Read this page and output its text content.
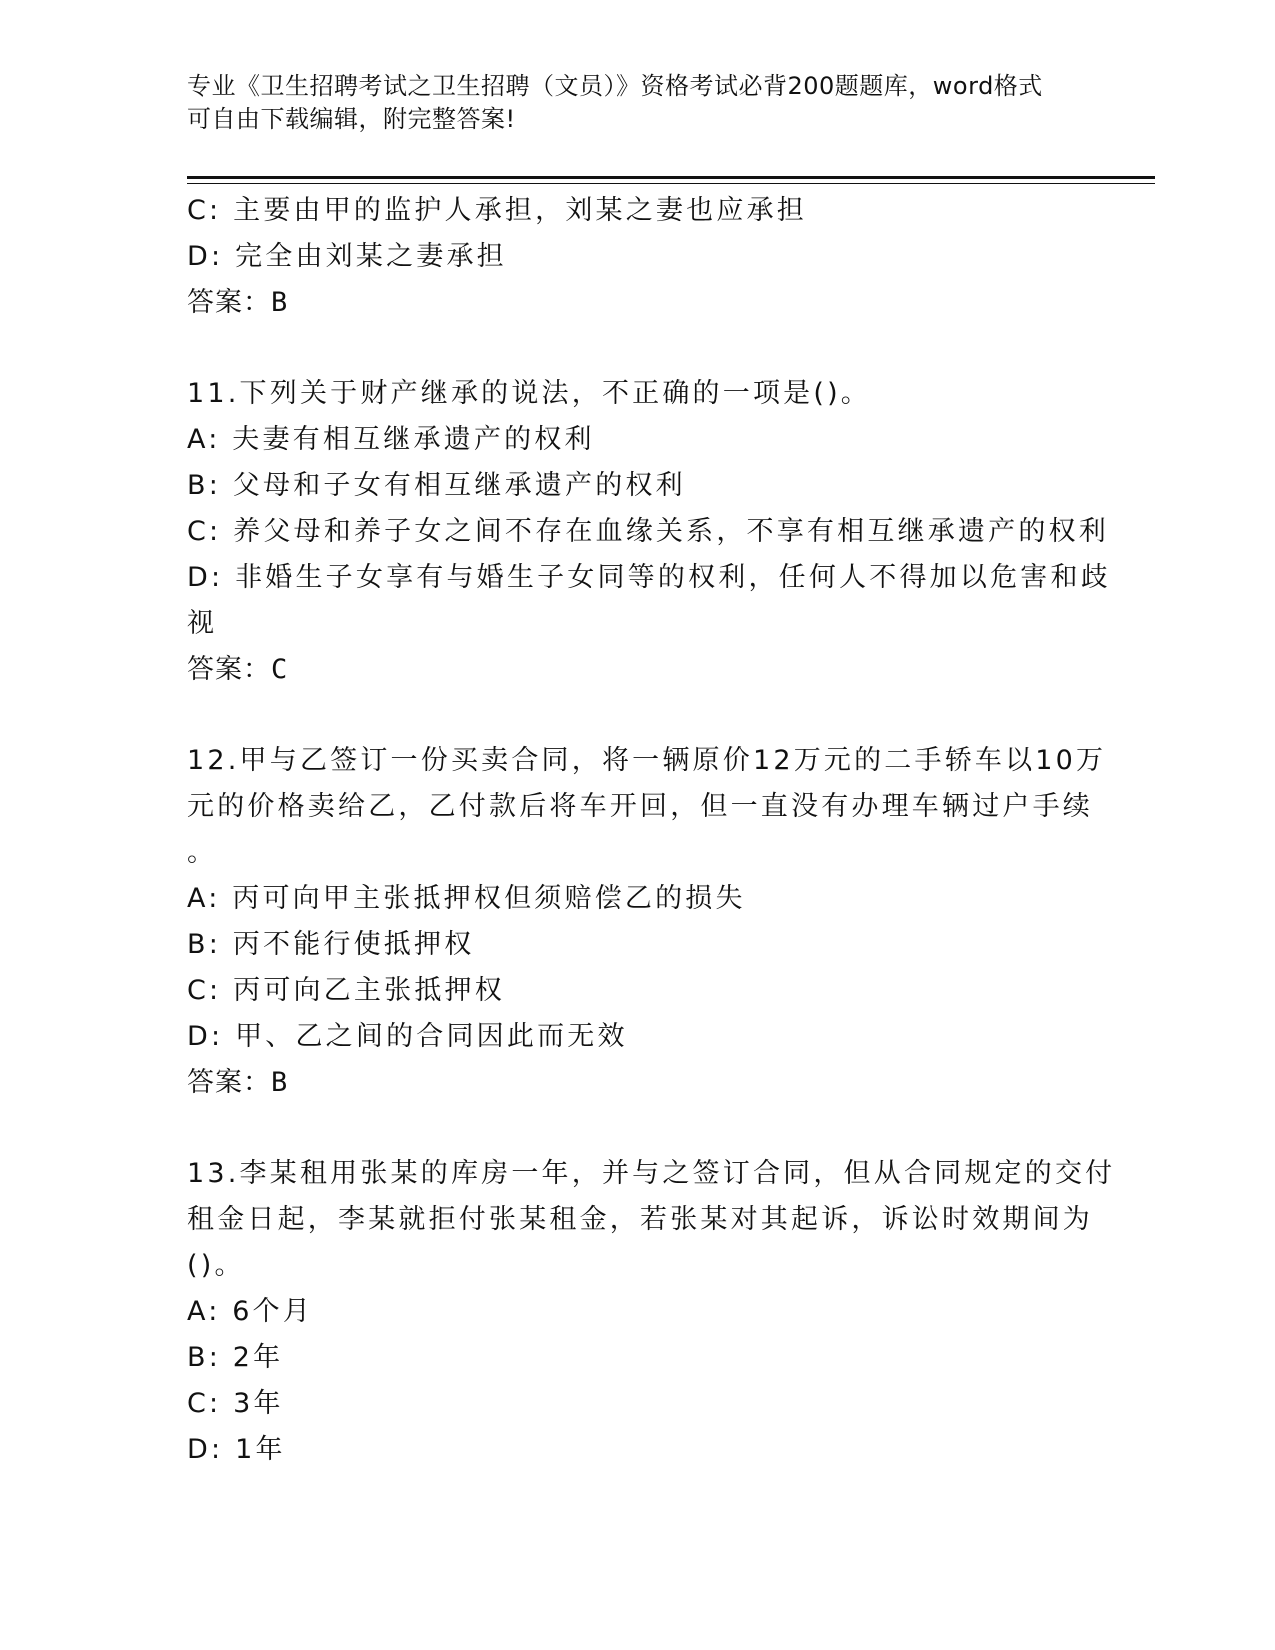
专业《卫生招聘考试之卫生招聘（文员）》资格考试必背200题题库，word格式
可自由下载编辑，附完整答案!
C: 主要由甲的监护人承担，刘某之妻也应承担
D: 完全由刘某之妻承担
答案：B
11.下列关于财产继承的说法，不正确的一项是()。
A: 夫妻有相互继承遗产的权利
B: 父母和子女有相互继承遗产的权利
C: 养父母和养子女之间不存在血缘关系，不享有相互继承遗产的权利
D: 非婚生子女享有与婚生子女同等的权利，任何人不得加以危害和歧
视
答案：C
12.甲与乙签订一份买卖合同，将一辆原价12万元的二手轿车以10万
元的价格卖给乙，乙付款后将车开回，但一直没有办理车辆过户手续
。
A: 丙可向甲主张抵押权但须赔偿乙的损失
B: 丙不能行使抵押权
C: 丙可向乙主张抵押权
D: 甲、乙之间的合同因此而无效
答案：B
13.李某租用张某的库房一年，并与之签订合同，但从合同规定的交付
租金日起，李某就拒付张某租金，若张某对其起诉，诉讼时效期间为
()。
A: 6个月
B: 2年
C: 3年
D: 1年
